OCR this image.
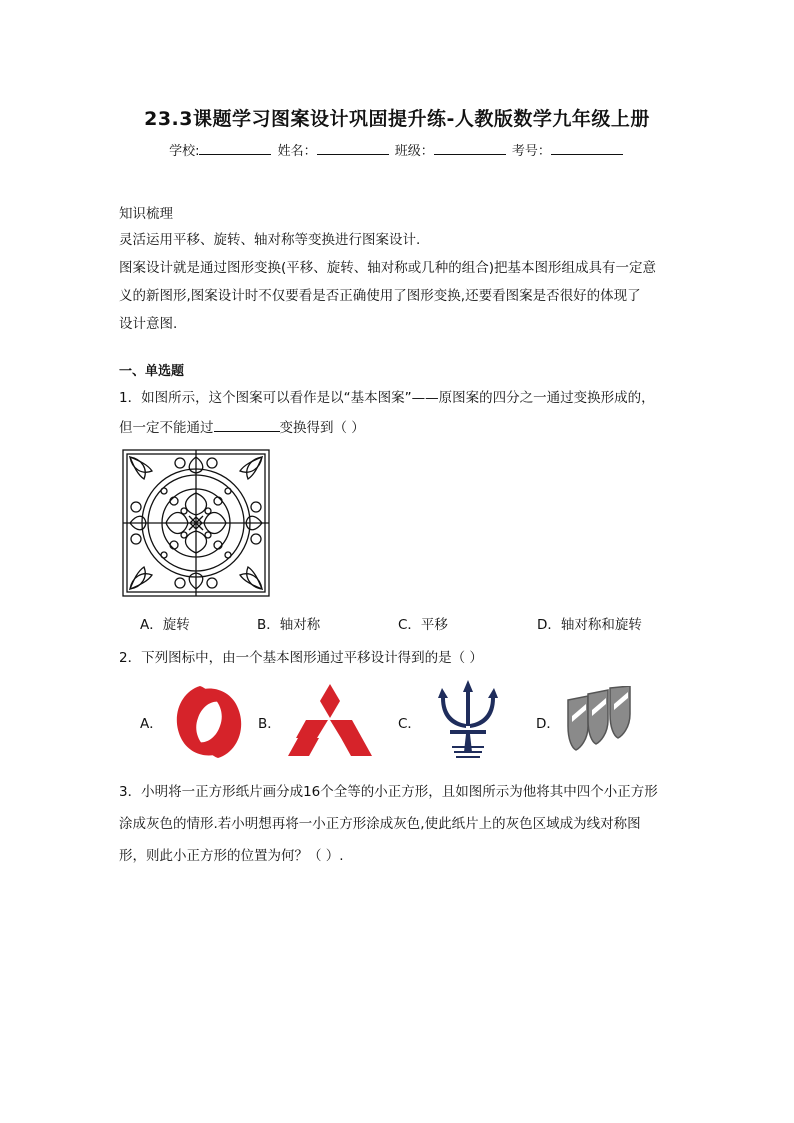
23.3课题学习图案设计巩固提升练-人教版数学九年级上册
学校:	姓名：	班级：	考号：
知识梳理
灵活运用平移、旋转、轴对称等变换进行图案设计.
图案设计就是通过图形变换(平移、旋转、轴对称或几种的组合)把基本图形组成具有一定意
义的新图形,图案设计时不仅要看是否正确使用了图形变换,还要看图案是否很好的体现了
设计意图.
一、单选题
1．如图所示，这个图案可以看作是以“基本图案”——原图案的四分之一通过变换形成的，
但一定不能通过	变换得到（ ）
A．旋转	B．轴对称	C．平移	D．轴对称和旋转
2．下列图标中，由一个基本图形通过平移设计得到的是（ ）
A．	B．	C．	D．
3．小明将一正方形纸片画分成16个全等的小正方形，且如图所示为他将其中四个小正方形
涂成灰色的情形.若小明想再将一小正方形涂成灰色,使此纸片上的灰色区域成为线对称图
形，则此小正方形的位置为何？（ ）.
